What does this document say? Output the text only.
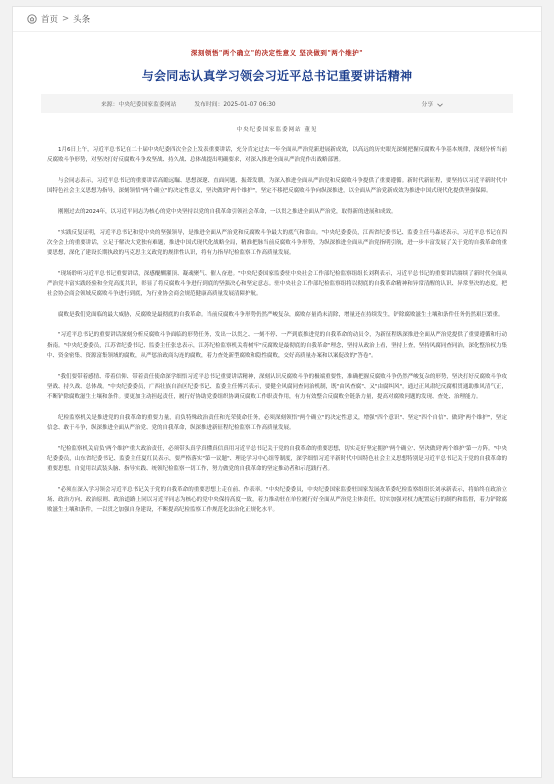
首页 > 头条
深刻领悟"两个确立"的决定性意义 坚决做到"两个维护"
与会同志认真学习领会习近平总书记重要讲话精神
来源：中央纪委国家监委网站	发布时间：2025-01-07 06:30	分享
中央纪委国家监委网站 董见

1月6日上午，习近平总书记在二十届中央纪委四次全会上发表重要讲话，充分肯定过去一年全面从严治党新进展新成效，以高远的历史眼光深刻把握反腐败斗争基本规律，深刻分析当前反腐败斗争形势，对坚决打好反腐败斗争攻坚战、持久战、总体战提出明确要求，对深入推进全面从严治党作出战略部署。

与会同志表示，习近平总书记的重要讲话高瞻远瞩、思想深邃、直面问题、振聋发聩，为深入推进全面从严治党和反腐败斗争提供了重要遵循。新时代新征程，要坚持以习近平新时代中国特色社会主义思想为指导，深刻领悟"两个确立"的决定性意义，坚决做到"两个维护"，坚定不移把反腐败斗争向纵深推进，以全面从严治党新成效为推进中国式现代化提供坚强保障。

刚刚过去的2024年，以习近平同志为核心的党中央坚持以党的自我革命引领社会革命，一以贯之推进全面从严治党，取得新的进展和成效。

"实践反复证明，习近平总书记和党中央的坚强领导，是推进全面从严治党和反腐败斗争最大的底气和靠山。"中央纪委委员，江西省纪委书记、监委主任马森述表示，习近平总书记在四次全会上的重要讲话，立足于解决大党独有难题，推进中国式现代化战略全局，精准把脉当前反腐败斗争形势，为纵深推进全面从严治党指明引航，进一步丰富发展了关于党的自我革命的重要思想，深化了建设长期执政的马克思主义政党的规律性认识，将有力指导纪检监察工作高质量发展。

"现场聆听习近平总书记重要讲话，深感醍醐灌顶、凝魂聚气、催人奋进。"中央纪委国家监委驻中央社会工作部纪检监察组组长刘利表示，习近平总书记的重要讲话赓续了新时代全面从严治党丰富实践经验和全党高度共识，彰显了将反腐败斗争进行到底的坚强决心和坚定意志。驻中央社会工作部纪检监察组将以彻底的自我革命精神和异常清醒的认识、异常坚决的态度，把社会协会商会领域反腐败斗争进行到底，为行业协会商会规范健康高质量发展清障护航。

腐败是我们党面临的最大威胁，反腐败是最彻底的自我革命。当前反腐败斗争形势仍然严峻复杂，腐败存量尚未清除，增量还在持续发生，铲除腐败滋生土壤和条件任务仍然艰巨繁重。

"习近平总书记的重要讲话深刻分析反腐败斗争面临的形势任务，发出一以贯之、一刻不停、一严到底推进党的自我革命的动员令，为新征程纵深推进全面从严治党提供了重要遵循和行动指南。"中央纪委委员，江苏省纪委书记、监委主任张忠表示，江苏纪检监察机关将树牢"反腐败是最彻底的自我革命"理念，坚持从政治上看，坚持上查，坚持风腐同查同治，深化整治权力集中、资金密集、资源富集领域的腐败，从严惩治政商勾连的腐败，着力查处新型腐败和隐性腐败，交好高质量办案和以案促改的"答卷"。

"我们要带着感情、带着信仰、带着责任使命深学细悟习近平总书记重要讲话精神，深刻认识反腐败斗争的极端重要性，准确把握反腐败斗争仍然严峻复杂的形势，坚决打好反腐败斗争攻坚战、持久战、总体战。"中央纪委委员，广西壮族自治区纪委书记、监委主任傅兴表示，要健全风腐同查同治机制，既"由风查腐"、又"由腐纠风"，通过正风肃纪反腐相贯通助推风清气正，不断铲除腐败滋生土壤和条件。要更加主动担起责任，履行好协助党委组织协调反腐败工作职责作用，有力有效整合反腐败全链条力量，提高对腐败问题的发现、查处、治理能力。

纪检监察机关是推进党的自我革命的重要力量，肩负特殊政治责任和光荣使命任务，必须深刻领悟"两个确立"的决定性意义，增强"四个意识"、坚定"四个自信"、做到"两个维护"，坚定信念、敢于斗争，纵深推进全面从严治党、党的自我革命，纵深推进新征程纪检监察工作高质量发展。

"纪检监察机关肩负'两个维护'重大政治责任，必须带头真学真懂真信真用习近平总书记关于党的自我革命的重要思想，切实走好坚定拥护'两个确立'、坚决做到'两个维护'第一方阵。"中央纪委委员，山东省纪委书记、监委主任夏红民表示，要严格落实"第一议题"、理论学习中心组等制度，深学细悟习近平新时代中国特色社会主义思想特别是习近平总书记关于党的自我革命的重要思想，自觉用以武装头脑、指导实践、统领纪检监察一切工作，努力做党的自我革命的坚定推动者和示范践行者。

"必须在深入学习领会习近平总书记关于党的自我革命的重要思想上走在前、作表率。"中央纪委委员，中央纪委国家监委驻国家发展改革委纪检监察组组长刘承新表示，将始终在政治立场、政治方向、政治原则、政治道路上同以习近平同志为核心的党中央保持高度一致，着力推动驻在单位履行好全面从严治党主体责任，切实加强对权力配置运行的制约和监督，着力铲除腐败滋生土壤和条件，一以贯之加强自身建设，不断提高纪检监察工作规范化法治化正规化水平。
